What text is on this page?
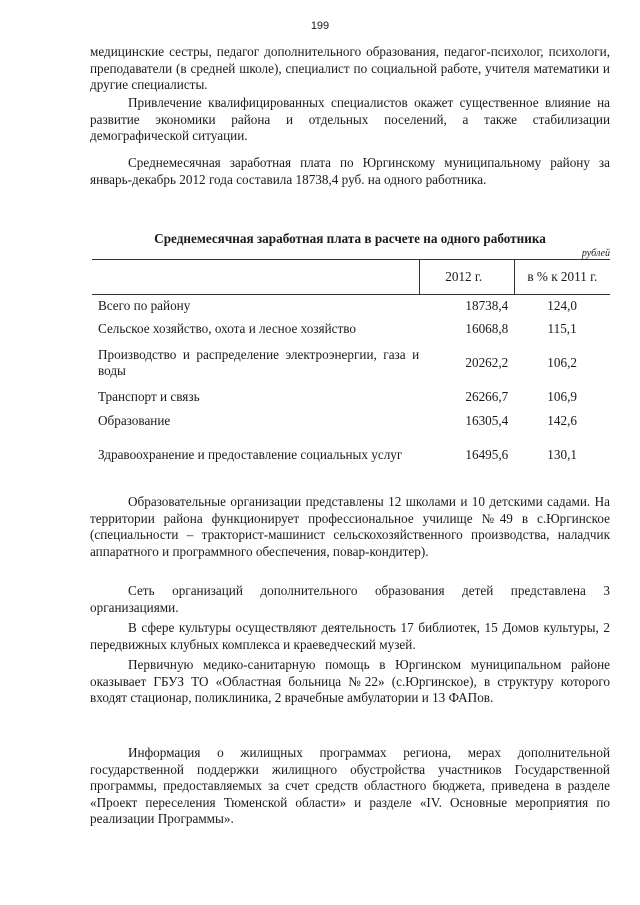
199

медицинские сестры, педагог дополнительного образования, педагог-психолог, психологи, преподаватели (в средней школе), специалист по социальной работе, учителя математики и другие специалисты.

Привлечение квалифицированных специалистов окажет существенное влияние на развитие экономики района и отдельных поселений, а также стабилизации демографической ситуации.

Среднемесячная заработная плата по Юргинскому муниципальному району за январь-декабрь 2012 года составила 18738,4 руб. на одного работника.

Среднемесячная заработная плата в расчете на одного работника
рублей
	2012 г.	в % к 2011 г.
Всего по району	18738,4	124,0
Сельское хозяйство, охота и лесное хозяйство	16068,8	115,1
Производство и распределение электроэнергии, газа и воды	20262,2	106,2
Транспорт и связь	26266,7	106,9
Образование	16305,4	142,6
Здравоохранение и предоставление социальных услуг	16495,6	130,1

Образовательные организации представлены 12 школами и 10 детскими садами. На территории района функционирует профессиональное училище №49 в с.Юргинское (специальности – тракторист-машинист сельскохозяйственного производства, наладчик аппаратного и программного обеспечения, повар-кондитер).

Сеть организаций дополнительного образования детей представлена 3 организациями.

В сфере культуры осуществляют деятельность 17 библиотек, 15 Домов культуры, 2 передвижных клубных комплекса и краеведческий музей.

Первичную медико-санитарную помощь в Юргинском муниципальном районе оказывает ГБУЗ ТО «Областная больница №22» (с.Юргинское), в структуру которого входят стационар, поликлиника, 2 врачебные амбулатории и 13 ФАПов.

Информация о жилищных программах региона, мерах дополнительной государственной поддержки жилищного обустройства участников Государственной программы, предоставляемых за счет средств областного бюджета, приведена в разделе «Проект переселения Тюменской области» и разделе «IV. Основные мероприятия по реализации Программы».
